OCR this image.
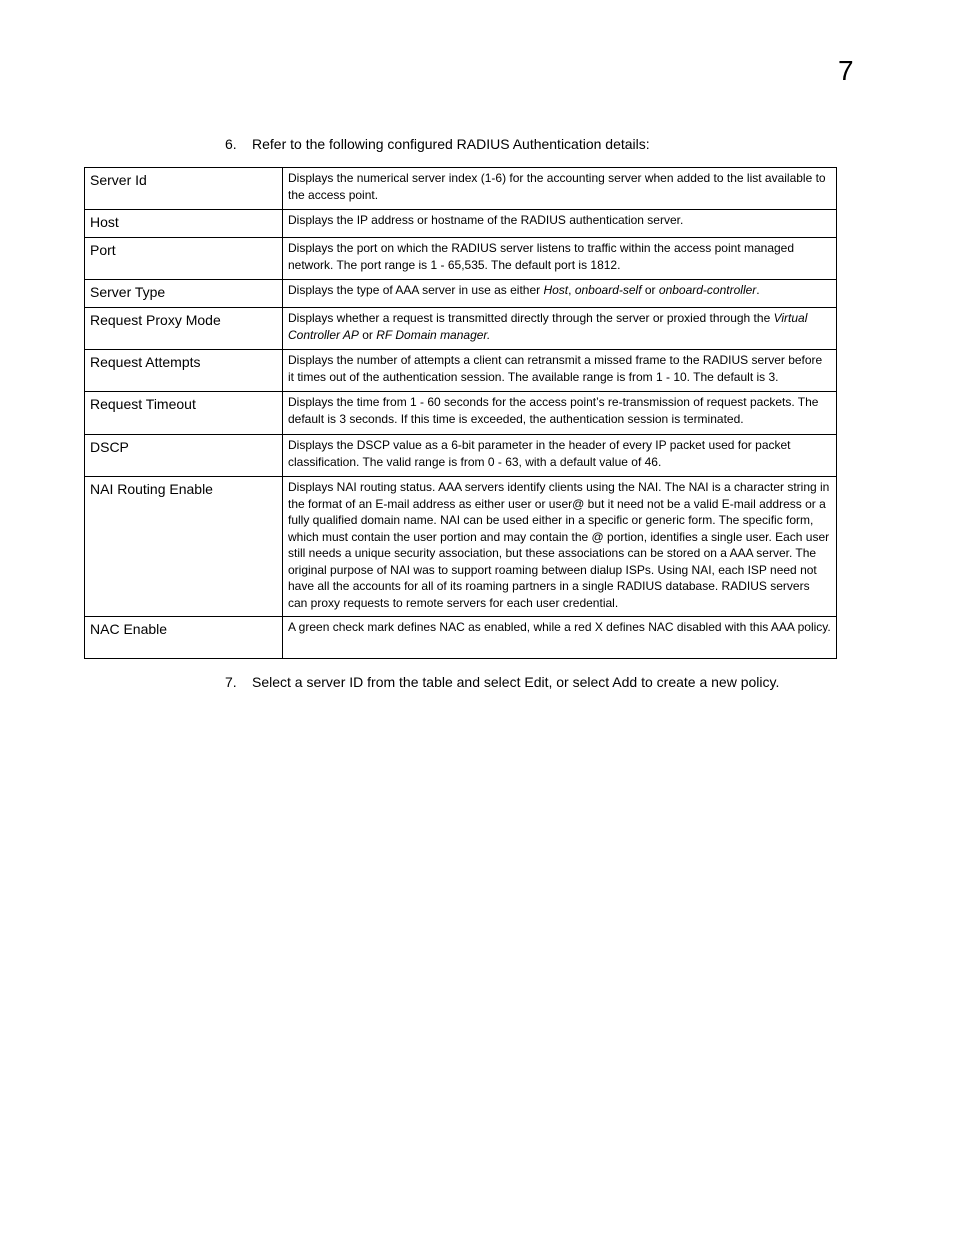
7
6. Refer to the following configured RADIUS Authentication details:
Server Id	Displays the numerical server index (1-6) for the accounting server when added to the list available to the access point.
Host	Displays the IP address or hostname of the RADIUS authentication server.
Port	Displays the port on which the RADIUS server listens to traffic within the access point managed network. The port range is 1 - 65,535. The default port is 1812.
Server Type	Displays the type of AAA server in use as either Host, onboard-self or onboard-controller.
Request Proxy Mode	Displays whether a request is transmitted directly through the server or proxied through the Virtual Controller AP or RF Domain manager.
Request Attempts	Displays the number of attempts a client can retransmit a missed frame to the RADIUS server before it times out of the authentication session. The available range is from 1 - 10. The default is 3.
Request Timeout	Displays the time from 1 - 60 seconds for the access point’s re-transmission of request packets. The default is 3 seconds. If this time is exceeded, the authentication session is terminated.
DSCP	Displays the DSCP value as a 6-bit parameter in the header of every IP packet used for packet classification. The valid range is from 0 - 63, with a default value of 46.
NAI Routing Enable	Displays NAI routing status. AAA servers identify clients using the NAI. The NAI is a character string in the format of an E-mail address as either user or user@ but it need not be a valid E-mail address or a fully qualified domain name. NAI can be used either in a specific or generic form. The specific form, which must contain the user portion and may contain the @ portion, identifies a single user. Each user still needs a unique security association, but these associations can be stored on a AAA server. The original purpose of NAI was to support roaming between dialup ISPs. Using NAI, each ISP need not have all the accounts for all of its roaming partners in a single RADIUS database. RADIUS servers can proxy requests to remote servers for each user credential.
NAC Enable	A green check mark defines NAC as enabled, while a red X defines NAC disabled with this AAA policy.
7. Select a server ID from the table and select Edit, or select Add to create a new policy.
